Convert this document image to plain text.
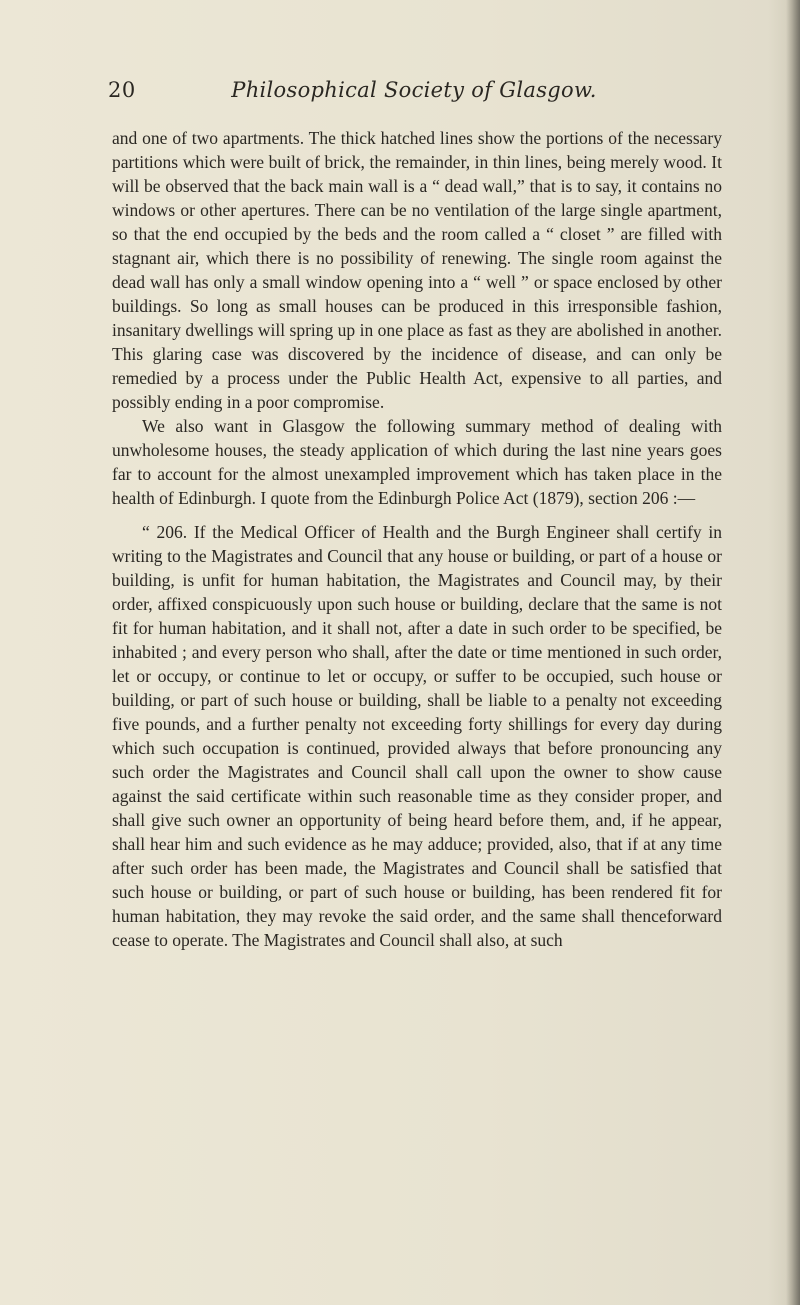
20	Philosophical Society of Glasgow.

and one of two apartments. The thick hatched lines show the portions of the necessary partitions which were built of brick, the remainder, in thin lines, being merely wood. It will be observed that the back main wall is a “ dead wall,” that is to say, it contains no windows or other apertures. There can be no ventilation of the large single apartment, so that the end occupied by the beds and the room called a “ closet ” are filled with stagnant air, which there is no possibility of renewing. The single room against the dead wall has only a small window opening into a “ well ” or space enclosed by other buildings. So long as small houses can be produced in this irresponsible fashion, insanitary dwellings will spring up in one place as fast as they are abolished in another. This glaring case was discovered by the incidence of disease, and can only be remedied by a process under the Public Health Act, expensive to all parties, and possibly ending in a poor compromise.

We also want in Glasgow the following summary method of dealing with unwholesome houses, the steady application of which during the last nine years goes far to account for the almost unexampled improvement which has taken place in the health of Edinburgh. I quote from the Edinburgh Police Act (1879), section 206 :—

“ 206. If the Medical Officer of Health and the Burgh Engineer shall certify in writing to the Magistrates and Council that any house or building, or part of a house or building, is unfit for human habitation, the Magistrates and Council may, by their order, affixed conspicuously upon such house or building, declare that the same is not fit for human habitation, and it shall not, after a date in such order to be specified, be inhabited ; and every person who shall, after the date or time mentioned in such order, let or occupy, or continue to let or occupy, or suffer to be occupied, such house or building, or part of such house or building, shall be liable to a penalty not exceeding five pounds, and a further penalty not exceeding forty shillings for every day during which such occupation is continued, provided always that before pronouncing any such order the Magistrates and Council shall call upon the owner to show cause against the said certificate within such reasonable time as they consider proper, and shall give such owner an opportunity of being heard before them, and, if he appear, shall hear him and such evidence as he may adduce; provided, also, that if at any time after such order has been made, the Magistrates and Council shall be satisfied that such house or building, or part of such house or building, has been rendered fit for human habitation, they may revoke the said order, and the same shall thenceforward cease to operate. The Magistrates and Council shall also, at such
